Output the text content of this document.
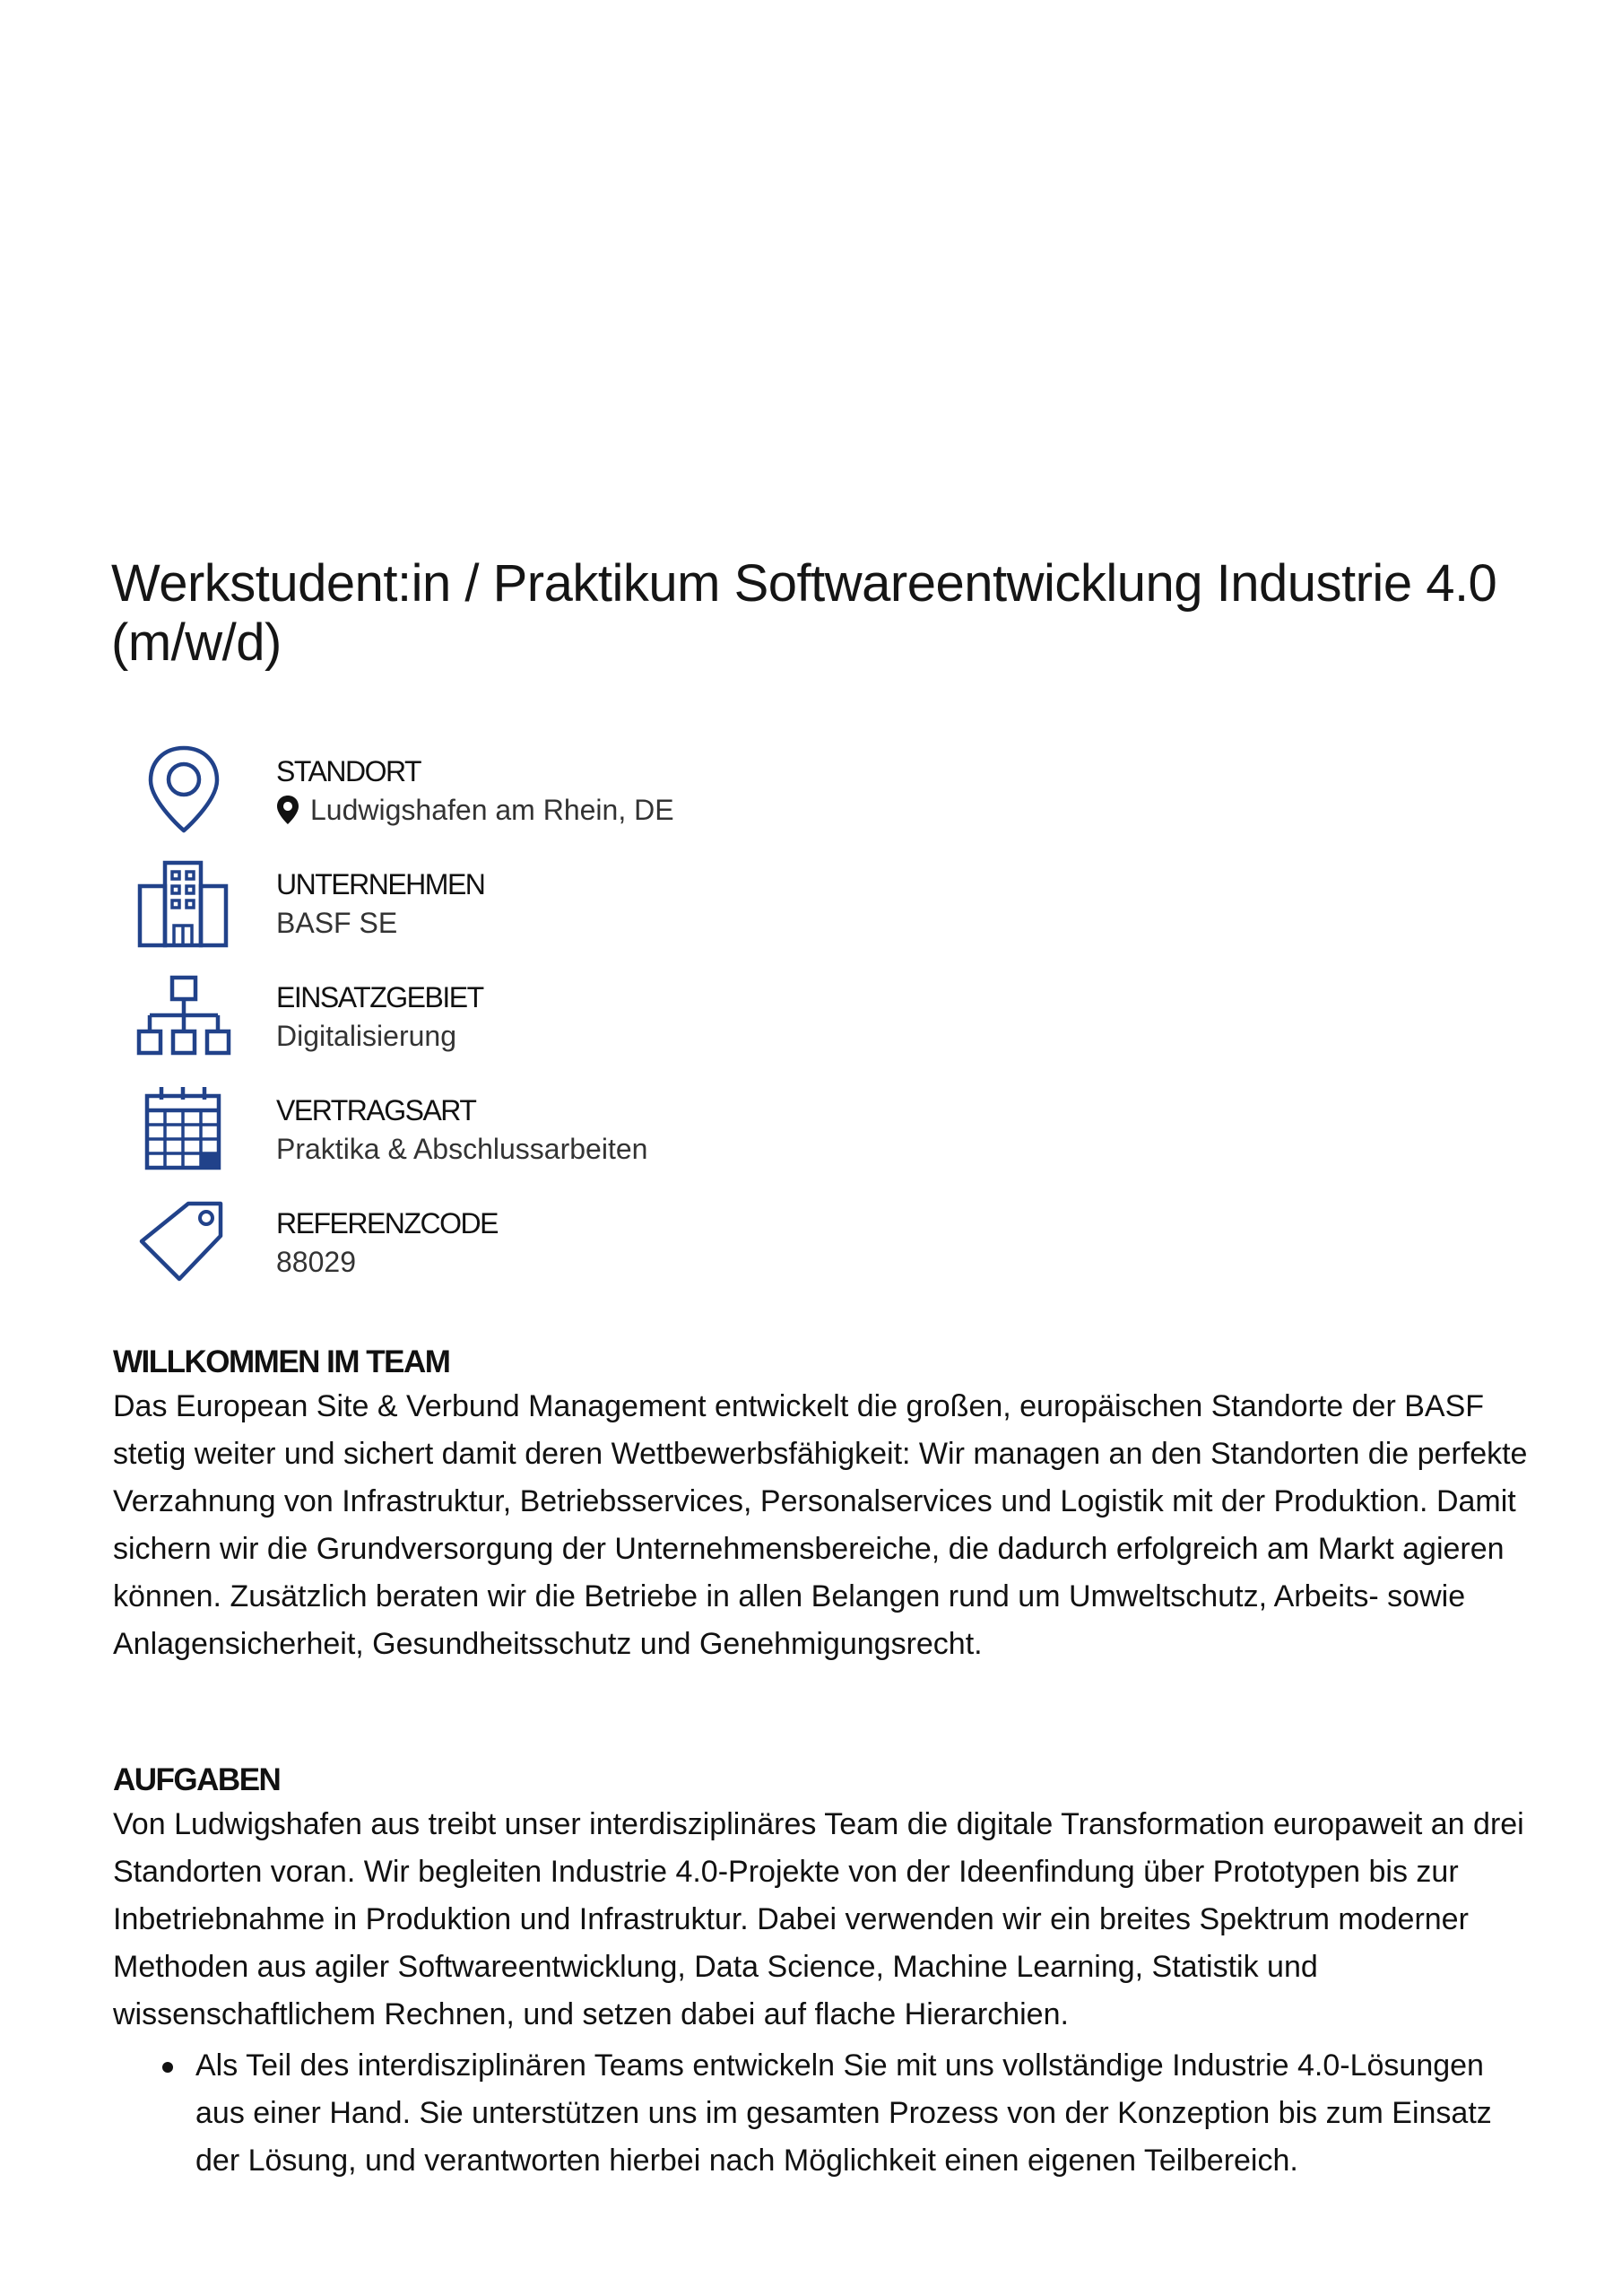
Werkstudent:in / Praktikum Softwareentwicklung Industrie 4.0 (m/w/d)
STANDORT
Ludwigshafen am Rhein, DE
UNTERNEHMEN
BASF SE
EINSATZGEBIET
Digitalisierung
VERTRAGSART
Praktika & Abschlussarbeiten
REFERENZCODE
88029
WILLKOMMEN IM TEAM

Das European Site & Verbund Management entwickelt die großen, europäischen Standorte der BASF stetig weiter und sichert damit deren Wettbewerbsfähigkeit: Wir managen an den Standorten die perfekte Verzahnung von Infrastruktur, Betriebsservices, Personalservices und Logistik mit der Produktion. Damit sichern wir die Grundversorgung der Unternehmensbereiche, die dadurch erfolgreich am Markt agieren können. Zusätzlich beraten wir die Betriebe in allen Belangen rund um Umweltschutz, Arbeits- sowie Anlagensicherheit, Gesundheitsschutz und Genehmigungsrecht.

AUFGABEN

Von Ludwigshafen aus treibt unser interdisziplinäres Team die digitale Transformation europaweit an drei Standorten voran. Wir begleiten Industrie 4.0-Projekte von der Ideenfindung über Prototypen bis zur Inbetriebnahme in Produktion und Infrastruktur. Dabei verwenden wir ein breites Spektrum moderner Methoden aus agiler Softwareentwicklung, Data Science, Machine Learning, Statistik und wissenschaftlichem Rechnen, und setzen dabei auf flache Hierarchien.

Als Teil des interdisziplinären Teams entwickeln Sie mit uns vollständige Industrie 4.0-Lösungen aus einer Hand. Sie unterstützen uns im gesamten Prozess von der Konzeption bis zum Einsatz der Lösung, und verantworten hierbei nach Möglichkeit einen eigenen Teilbereich.
